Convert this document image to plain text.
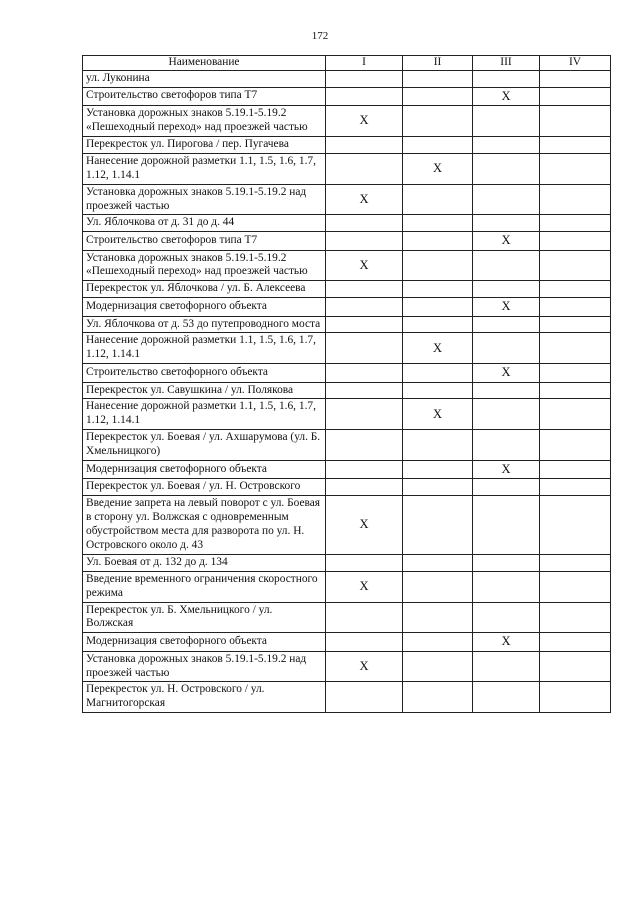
172
Наименование	I	II	III	IV
ул. Луконина				
Строительство светофоров типа Т7			Х	
Установка дорожных знаков 5.19.1-5.19.2 «Пешеходный переход» над проезжей частью	Х			
Перекресток ул. Пирогова / пер. Пугачева				
Нанесение дорожной разметки 1.1, 1.5, 1.6, 1.7, 1.12, 1.14.1		Х		
Установка дорожных знаков 5.19.1-5.19.2 над проезжей частью	Х			
Ул. Яблочкова от д. 31 до д. 44				
Строительство светофоров типа Т7			Х	
Установка дорожных знаков 5.19.1-5.19.2 «Пешеходный переход» над проезжей частью	Х			
Перекресток ул. Яблочкова / ул. Б. Алексеева				
Модернизация светофорного объекта			Х	
Ул. Яблочкова от д. 53 до путепроводного моста				
Нанесение дорожной разметки 1.1, 1.5, 1.6, 1.7, 1.12, 1.14.1		Х		
Строительство светофорного объекта			Х	
Перекресток ул. Савушкина / ул. Полякова				
Нанесение дорожной разметки 1.1, 1.5, 1.6, 1.7, 1.12, 1.14.1		Х		
Перекресток ул. Боевая / ул. Ахшарумова (ул. Б. Хмельницкого)				
Модернизация светофорного объекта			Х	
Перекресток ул. Боевая / ул. Н. Островского				
Введение запрета на левый поворот с ул. Боевая в сторону ул. Волжская с одновременным обустройством места для разворота по ул. Н. Островского около д. 43	Х			
Ул. Боевая от д. 132 до д. 134				
Введение временного ограничения скоростного режима	Х			
Перекресток ул. Б. Хмельницкого / ул. Волжская				
Модернизация светофорного объекта			Х	
Установка дорожных знаков 5.19.1-5.19.2 над проезжей частью	Х			
Перекресток ул. Н. Островского / ул. Магнитогорская				
